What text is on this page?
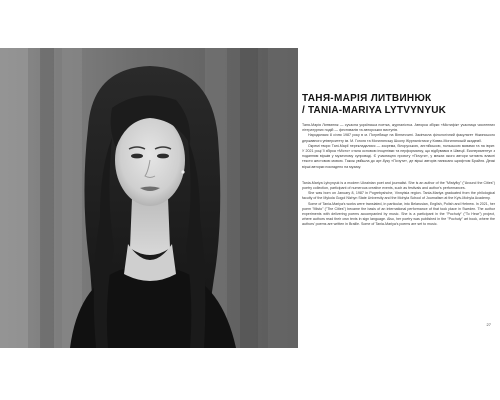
ТАНЯ-МАРІЯ ЛИТВИНЮК
/ TANIA-MARIYA LYTVYNYUK

Таня-Марія Литвинюк — сучасна українська поетка, журналістка. Авторка збірки «Містифік» учасниця численних літературних подій — фестивалів та авторських виступів.

Народилася 8 січня 1987 року в м. Погребище на Вінниччині. Закінчила філологічний факультет Ніжинського державного університету ім. М. Гоголя та Могилянську Школу Журналістики у Києво-Могилянській академії.

Окремі твори Тані-Марії перекладалися — зокрема, білоруською, англійською, польською мовами та на іврит. У 2021 році її збірка «Місто» стала основою інсценівки та перформансу, що відбувався в Швеції. Експериментує з поданням віршів у музичному супроводі. Є учасницею проєкту «Почути», у межах якого автори читають власні тексти жестовою мовою. Також увійшла до арт-буку «Почути», де вірші авторів написано шрифтом Брайля. Деякі вірші авторки покладено на музику.

Tania-Mariya Lytvynyuk is a modern Ukrainian poet and journalist. She is an author of the "Mistyfky" ("Around the Cities") poetry collection, participant of numerous creative events, such as festivals and author's performances.

She was born on January 8, 1987 in Pogrebyshche, Vinnytsia region. Tania-Mariya graduated from the philological faculty of the Mykola Gogol Nizhyn State University and the Mohyla School of Journalism at the Kyiv-Mohyla Academy.

Some of Tania-Mariya's works were translated, in particular, into Belarusian, English, Polish and Hebrew. In 2021, her poem "Misto" ("The Cities") became the basis of an international performance of that took place in Sweden. The author experiments with delivering poems accompanied by music. She is a participant in the "Pochuty" ("To Hear") project, where authors read their own texts in sign language. Also, her poetry was published in the "Pochuty" art book, where the authors' poems are written in Braille. Some of Tania-Mariya's poems are set to music.

27
